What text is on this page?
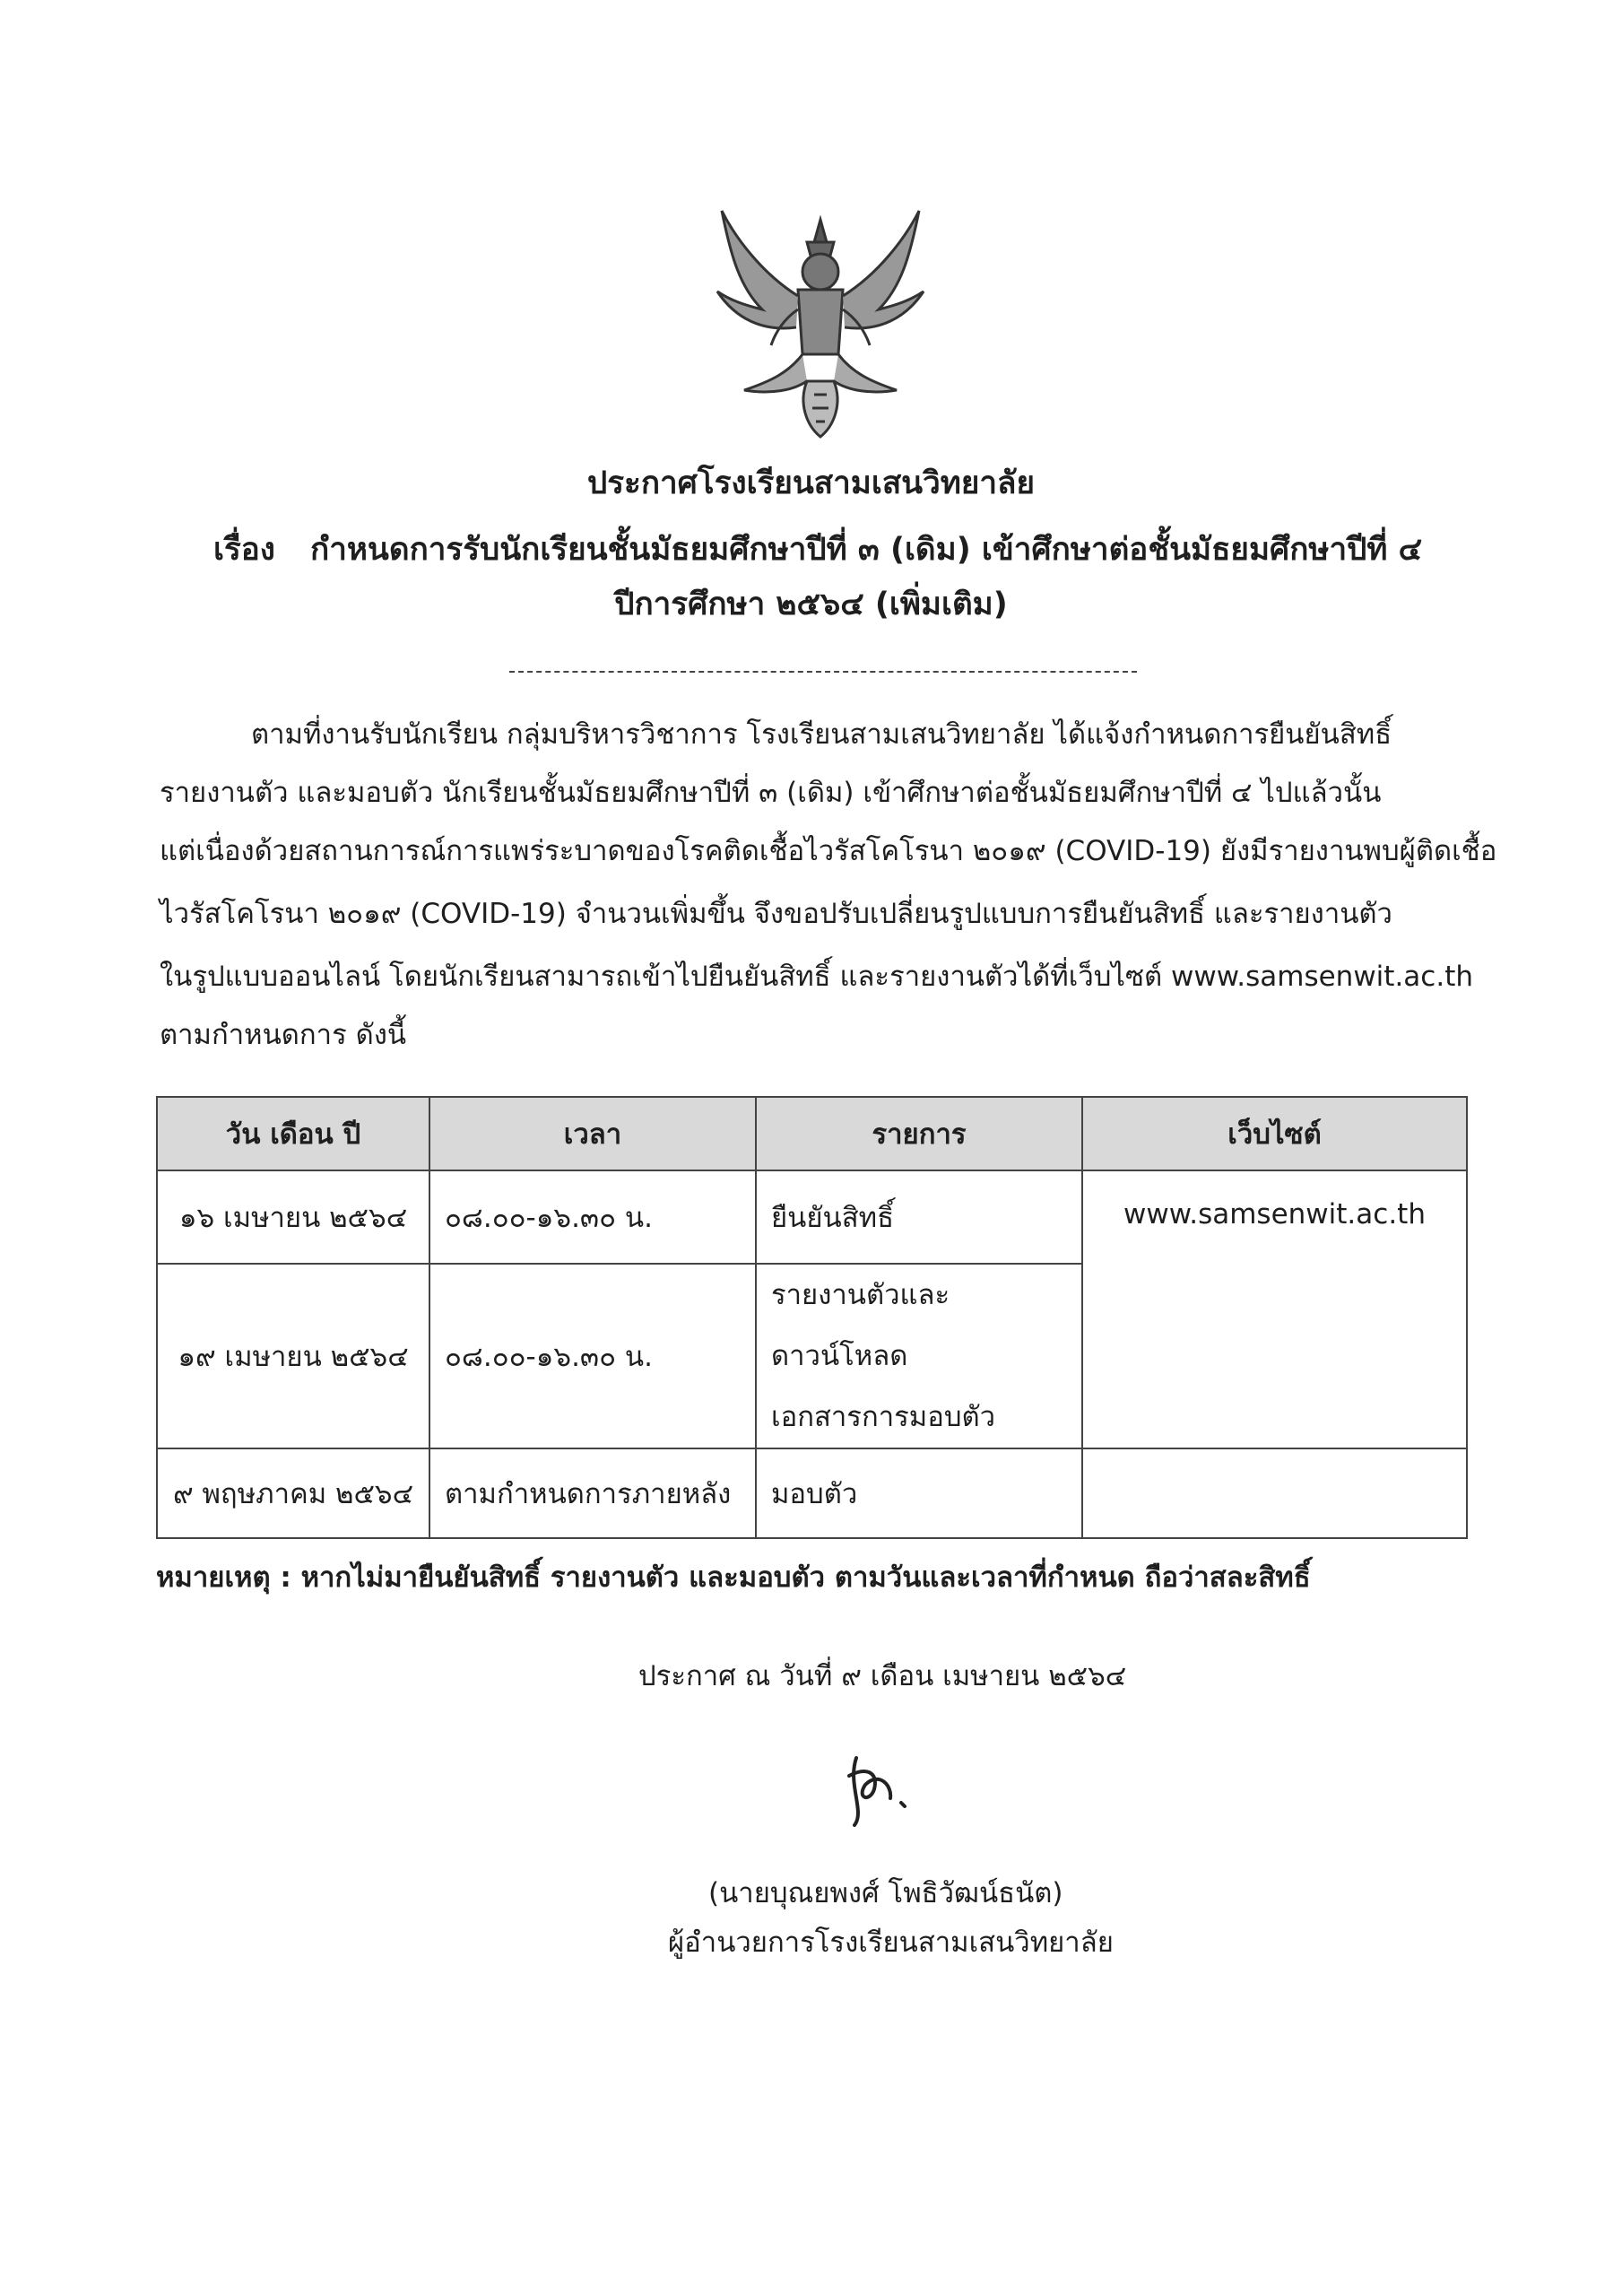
ประกาศโรงเรียนสามเสนวิทยาลัย
เรื่อง กำหนดการรับนักเรียนชั้นมัธยมศึกษาปีที่ ๓ (เดิม) เข้าศึกษาต่อชั้นมัธยมศึกษาปีที่ ๔
ปีการศึกษา ๒๕๖๔ (เพิ่มเติม)
ตามที่งานรับนักเรียน กลุ่มบริหารวิชาการ โรงเรียนสามเสนวิทยาลัย ได้แจ้งกำหนดการยืนยันสิทธิ์
รายงานตัว และมอบตัว นักเรียนชั้นมัธยมศึกษาปีที่ ๓ (เดิม) เข้าศึกษาต่อชั้นมัธยมศึกษาปีที่ ๔ ไปแล้วนั้น
แต่เนื่องด้วยสถานการณ์การแพร่ระบาดของโรคติดเชื้อไวรัสโคโรนา ๒๐๑๙ (COVID-19) ยังมีรายงานพบผู้ติดเชื้อ
ไวรัสโคโรนา ๒๐๑๙ (COVID-19) จำนวนเพิ่มขึ้น จึงขอปรับเปลี่ยนรูปแบบการยืนยันสิทธิ์ และรายงานตัว
ในรูปแบบออนไลน์ โดยนักเรียนสามารถเข้าไปยืนยันสิทธิ์ และรายงานตัวได้ที่เว็บไซต์ www.samsenwit.ac.th
ตามกำหนดการ ดังนี้
วัน เดือน ปี	เวลา	รายการ	เว็บไซต์
๑๖ เมษายน ๒๕๖๔	๐๘.๐๐-๑๖.๓๐ น.	ยืนยันสิทธิ์	www.samsenwit.ac.th
๑๙ เมษายน ๒๕๖๔	๐๘.๐๐-๑๖.๓๐ น.	รายงานตัวและดาวน์โหลด
เอกสารการมอบตัว	

๙ พฤษภาคม ๒๕๖๔	ตามกำหนดการภายหลัง	มอบตัว	
หมายเหตุ : หากไม่มายืนยันสิทธิ์ รายงานตัว และมอบตัว ตามวันและเวลาที่กำหนด ถือว่าสละสิทธิ์
ประกาศ ณ วันที่ ๙ เดือน เมษายน ๒๕๖๔
(นายบุณยพงศ์ โพธิวัฒน์ธนัต)
ผู้อำนวยการโรงเรียนสามเสนวิทยาลัย
